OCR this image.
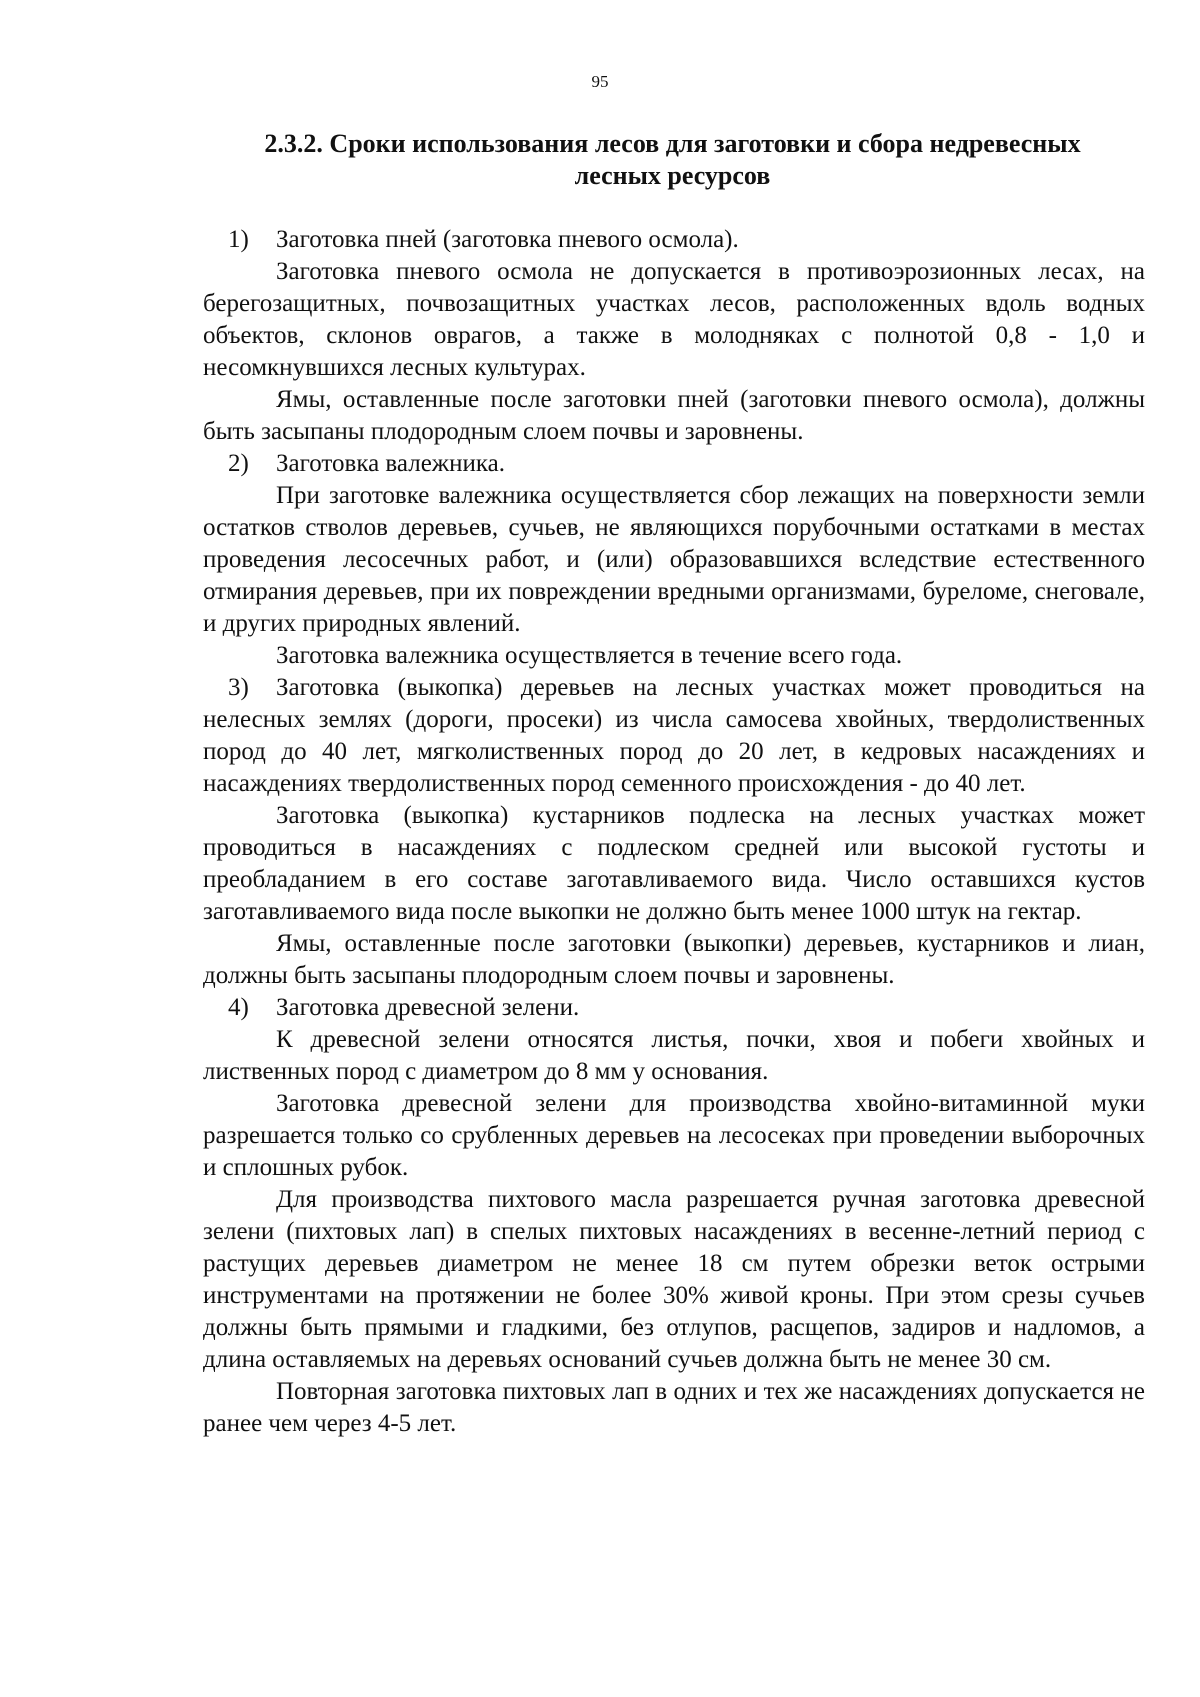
95
2.3.2. Сроки использования лесов для заготовки и сбора недревесных
лесных ресурсов

1) Заготовка пней (заготовка пневого осмола).

Заготовка пневого осмола не допускается в противоэрозионных лесах, на берегозащитных, почвозащитных участках лесов, расположенных вдоль водных объектов, склонов оврагов, а также в молодняках с полнотой 0,8 - 1,0 и несомкнувшихся лесных культурах.

Ямы, оставленные после заготовки пней (заготовки пневого осмола), должны быть засыпаны плодородным слоем почвы и заровнены.

2) Заготовка валежника.

При заготовке валежника осуществляется сбор лежащих на поверхности земли остатков стволов деревьев, сучьев, не являющихся порубочными остатками в местах проведения лесосечных работ, и (или) образовавшихся вследствие естественного отмирания деревьев, при их повреждении вредными организмами, буреломе, снеговале, и других природных явлений.

Заготовка валежника осуществляется в течение всего года.

3) Заготовка (выкопка) деревьев на лесных участках может проводиться на нелесных землях (дороги, просеки) из числа самосева хвойных, твердолиственных пород до 40 лет, мягколиственных пород до 20 лет, в кедровых насаждениях и насаждениях твердолиственных пород семенного происхождения - до 40 лет.

Заготовка (выкопка) кустарников подлеска на лесных участках может проводиться в насаждениях с подлеском средней или высокой густоты и преобладанием в его составе заготавливаемого вида. Число оставшихся кустов заготавливаемого вида после выкопки не должно быть менее 1000 штук на гектар.

Ямы, оставленные после заготовки (выкопки) деревьев, кустарников и лиан, должны быть засыпаны плодородным слоем почвы и заровнены.

4) Заготовка древесной зелени.

К древесной зелени относятся листья, почки, хвоя и побеги хвойных и лиственных пород с диаметром до 8 мм у основания.

Заготовка древесной зелени для производства хвойно-витаминной муки разрешается только со срубленных деревьев на лесосеках при проведении выборочных и сплошных рубок.

Для производства пихтового масла разрешается ручная заготовка древесной зелени (пихтовых лап) в спелых пихтовых насаждениях в весенне-летний период с растущих деревьев диаметром не менее 18 см путем обрезки веток острыми инструментами на протяжении не более 30% живой кроны. При этом срезы сучьев должны быть прямыми и гладкими, без отлупов, расщепов, задиров и надломов, а длина оставляемых на деревьях оснований сучьев должна быть не менее 30 см.

Повторная заготовка пихтовых лап в одних и тех же насаждениях допускается не ранее чем через 4-5 лет.
